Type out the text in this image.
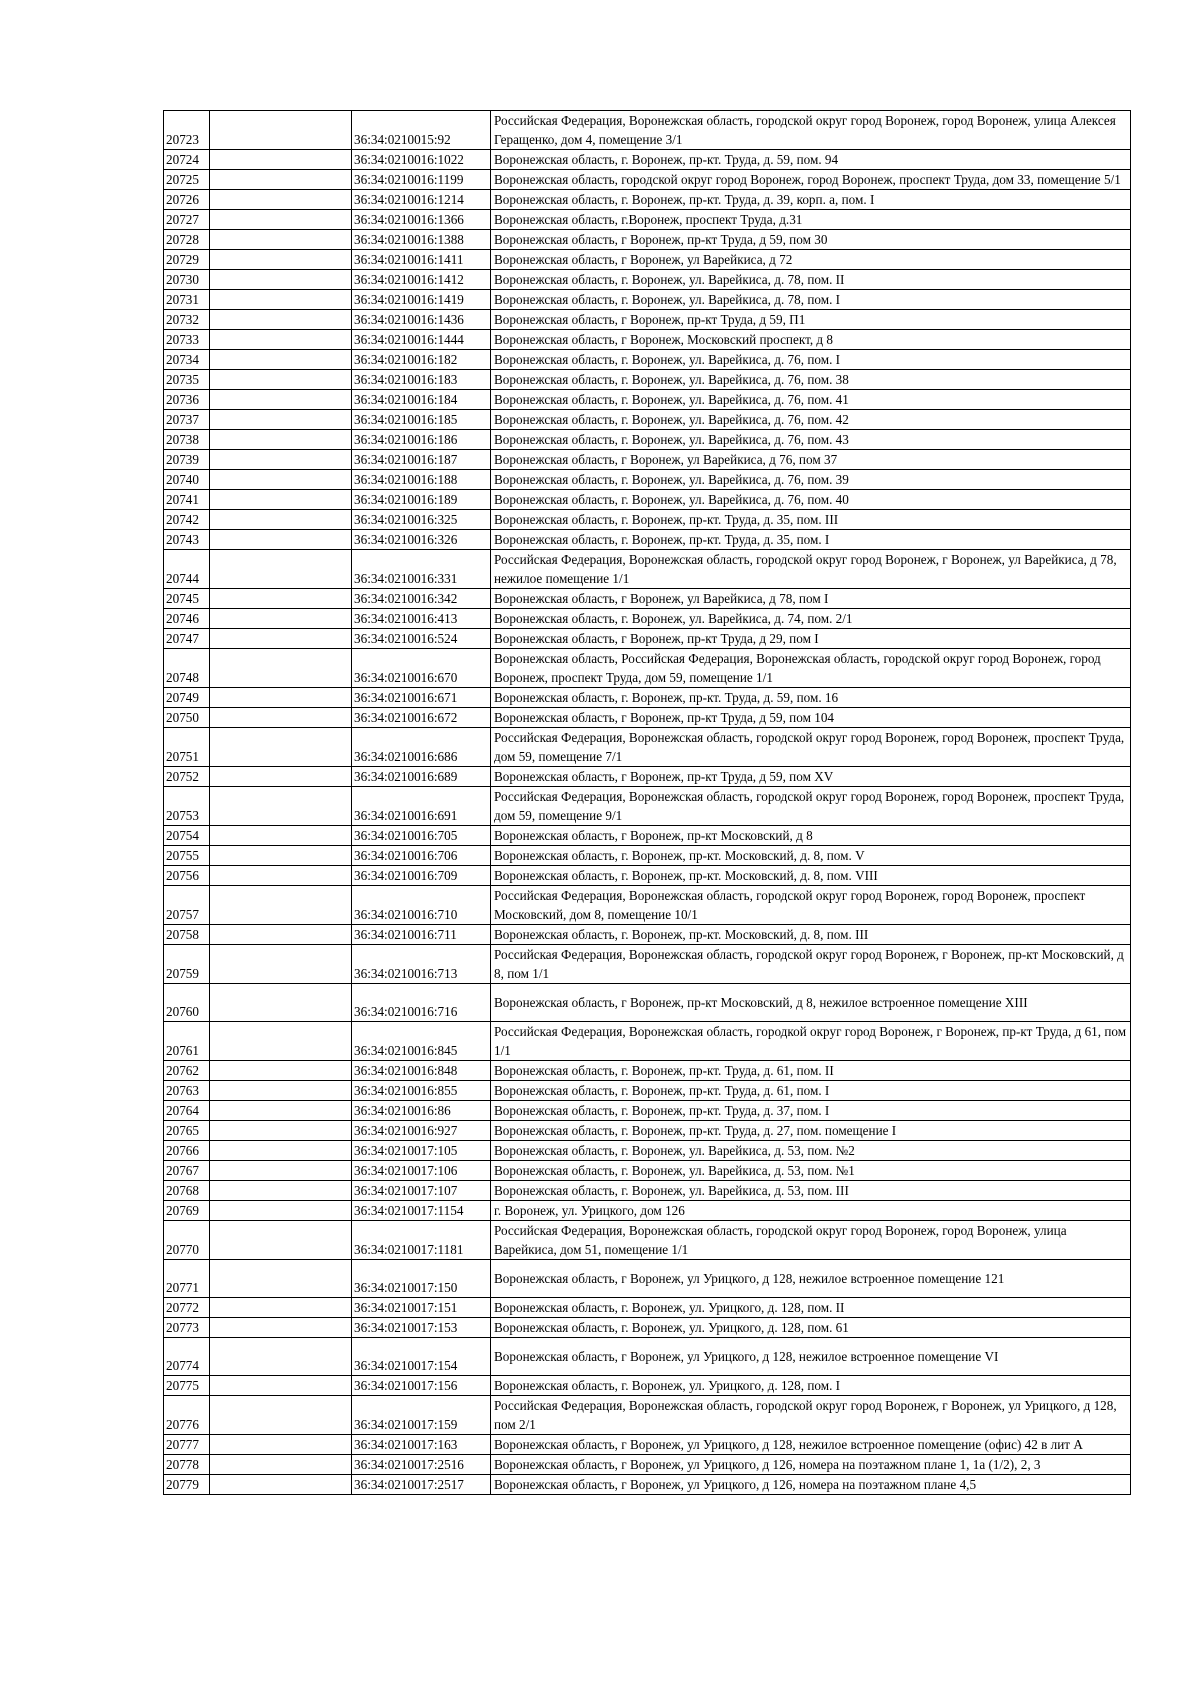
20723		36:34:0210015:92	Российская Федерация, Воронежская область, городской округ город Воронеж, город Воронеж, улица Алексея Геращенко, дом 4, помещение 3/1
20724		36:34:0210016:1022	Воронежская область, г. Воронеж, пр-кт. Труда, д. 59, пом. 94
20725		36:34:0210016:1199	Воронежская область, городской округ город Воронеж, город Воронеж, проспект Труда, дом 33, помещение 5/1
20726		36:34:0210016:1214	Воронежская область, г. Воронеж, пр-кт. Труда, д. 39, корп. а, пом. I
20727		36:34:0210016:1366	Воронежская область, г.Воронеж, проспект Труда, д.31
20728		36:34:0210016:1388	Воронежская область, г Воронеж, пр-кт Труда, д 59, пом 30
20729		36:34:0210016:1411	Воронежская область, г Воронеж, ул Варейкиса, д 72
20730		36:34:0210016:1412	Воронежская область, г. Воронеж, ул. Варейкиса, д. 78, пом. II
20731		36:34:0210016:1419	Воронежская область, г. Воронеж, ул. Варейкиса, д. 78, пом. I
20732		36:34:0210016:1436	Воронежская область, г Воронеж, пр-кт Труда, д 59, П1
20733		36:34:0210016:1444	Воронежская область, г Воронеж, Московский проспект, д 8
20734		36:34:0210016:182	Воронежская область, г. Воронеж, ул. Варейкиса, д. 76, пом. I
20735		36:34:0210016:183	Воронежская область, г. Воронеж, ул. Варейкиса, д. 76, пом. 38
20736		36:34:0210016:184	Воронежская область, г. Воронеж, ул. Варейкиса, д. 76, пом. 41
20737		36:34:0210016:185	Воронежская область, г. Воронеж, ул. Варейкиса, д. 76, пом. 42
20738		36:34:0210016:186	Воронежская область, г. Воронеж, ул. Варейкиса, д. 76, пом. 43
20739		36:34:0210016:187	Воронежская область, г Воронеж, ул Варейкиса, д 76, пом 37
20740		36:34:0210016:188	Воронежская область, г. Воронеж, ул. Варейкиса, д. 76, пом. 39
20741		36:34:0210016:189	Воронежская область, г. Воронеж, ул. Варейкиса, д. 76, пом. 40
20742		36:34:0210016:325	Воронежская область, г. Воронеж, пр-кт. Труда, д. 35, пом. III
20743		36:34:0210016:326	Воронежская область, г. Воронеж, пр-кт. Труда, д. 35, пом. I
20744		36:34:0210016:331	Российская Федерация, Воронежская область, городской округ город Воронеж, г Воронеж, ул Варейкиса, д 78, нежилое помещение 1/1
20745		36:34:0210016:342	Воронежская область, г Воронеж, ул Варейкиса, д 78, пом I
20746		36:34:0210016:413	Воронежская область, г. Воронеж, ул. Варейкиса, д. 74, пом. 2/1
20747		36:34:0210016:524	Воронежская область, г Воронеж, пр-кт Труда, д 29, пом I
20748		36:34:0210016:670	Воронежская область, Российская Федерация, Воронежская область, городской округ город Воронеж, город Воронеж, проспект Труда, дом 59, помещение 1/1
20749		36:34:0210016:671	Воронежская область, г. Воронеж, пр-кт. Труда, д. 59, пом. 16
20750		36:34:0210016:672	Воронежская область, г Воронеж, пр-кт Труда, д 59, пом 104
20751		36:34:0210016:686	Российская Федерация, Воронежская область, городской округ город Воронеж, город Воронеж, проспект Труда, дом 59, помещение 7/1
20752		36:34:0210016:689	Воронежская область, г Воронеж, пр-кт Труда, д 59, пом XV
20753		36:34:0210016:691	Российская Федерация, Воронежская область, городской округ город Воронеж, город Воронеж, проспект Труда, дом 59, помещение 9/1
20754		36:34:0210016:705	Воронежская область, г Воронеж, пр-кт Московский, д 8
20755		36:34:0210016:706	Воронежская область, г. Воронеж, пр-кт. Московский, д. 8, пом. V
20756		36:34:0210016:709	Воронежская область, г. Воронеж, пр-кт. Московский, д. 8, пом. VIII
20757		36:34:0210016:710	Российская Федерация, Воронежская область, городской округ город Воронеж, город Воронеж, проспект Московский, дом 8, помещение 10/1
20758		36:34:0210016:711	Воронежская область, г. Воронеж, пр-кт. Московский, д. 8, пом. III
20759		36:34:0210016:713	Российская Федерация, Воронежская область, городской округ город Воронеж, г Воронеж, пр-кт Московский, д 8, пом 1/1
20760		36:34:0210016:716	Воронежская область, г Воронеж, пр-кт Московский, д 8, нежилое встроенное помещение XIII
20761		36:34:0210016:845	Российская Федерация, Воронежская область, городкой округ город Воронеж, г Воронеж, пр-кт Труда, д 61, пом 1/1
20762		36:34:0210016:848	Воронежская область, г. Воронеж, пр-кт. Труда, д. 61, пом. II
20763		36:34:0210016:855	Воронежская область, г. Воронеж, пр-кт. Труда, д. 61, пом. I
20764		36:34:0210016:86	Воронежская область, г. Воронеж, пр-кт. Труда, д. 37, пом. I
20765		36:34:0210016:927	Воронежская область, г. Воронеж, пр-кт. Труда, д. 27, пом. помещение I
20766		36:34:0210017:105	Воронежская область, г. Воронеж, ул. Варейкиса, д. 53, пом. №2
20767		36:34:0210017:106	Воронежская область, г. Воронеж, ул. Варейкиса, д. 53, пом. №1
20768		36:34:0210017:107	Воронежская область, г. Воронеж, ул. Варейкиса, д. 53, пом. III
20769		36:34:0210017:1154	г. Воронеж, ул. Урицкого, дом 126
20770		36:34:0210017:1181	Российская Федерация, Воронежская область, городской округ город Воронеж, город Воронеж, улица Варейкиса, дом 51, помещение 1/1
20771		36:34:0210017:150	Воронежская область, г Воронеж, ул Урицкого, д 128, нежилое встроенное помещение 121
20772		36:34:0210017:151	Воронежская область, г. Воронеж, ул. Урицкого, д. 128, пом. II
20773		36:34:0210017:153	Воронежская область, г. Воронеж, ул. Урицкого, д. 128, пом. 61
20774		36:34:0210017:154	Воронежская область, г Воронеж, ул Урицкого, д 128, нежилое встроенное помещение VI
20775		36:34:0210017:156	Воронежская область, г. Воронеж, ул. Урицкого, д. 128, пом. I
20776		36:34:0210017:159	Российская Федерация, Воронежская область, городской округ город Воронеж, г Воронеж, ул Урицкого, д 128, пом 2/1
20777		36:34:0210017:163	Воронежская область, г Воронеж, ул Урицкого, д 128, нежилое встроенное помещение (офис) 42 в лит А
20778		36:34:0210017:2516	Воронежская область, г Воронеж, ул Урицкого, д 126, номера на поэтажном плане 1, 1а (1/2), 2, 3
20779		36:34:0210017:2517	Воронежская область, г Воронеж, ул Урицкого, д 126, номера на поэтажном плане 4,5
